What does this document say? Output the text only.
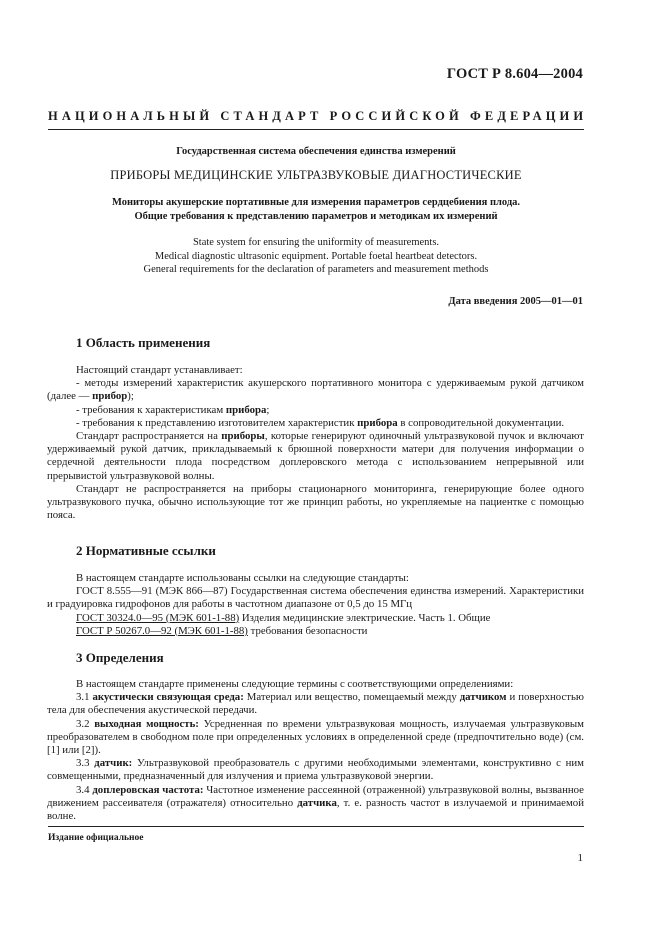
ГОСТ Р 8.604—2004
НАЦИОНАЛЬНЫЙ СТАНДАРТ РОССИЙСКОЙ ФЕДЕРАЦИИ
Государственная система обеспечения единства измерений
ПРИБОРЫ МЕДИЦИНСКИЕ УЛЬТРАЗВУКОВЫЕ ДИАГНОСТИЧЕСКИЕ
Мониторы акушерские портативные для измерения параметров сердцебиения плода.
Общие требования к представлению параметров и методикам их измерений
State system for ensuring the uniformity of measurements.
Medical diagnostic ultrasonic equipment. Portable foetal heartbeat detectors.
General requirements for the declaration of parameters and measurement methods
Дата введения 2005—01—01
1 Область применения

Настоящий стандарт устанавливает:

- методы измерений характеристик акушерского портативного монитора с удерживаемым рукой датчиком (далее — прибор);

- требования к характеристикам прибора;

- требования к представлению изготовителем характеристик прибора в сопроводительной документации.

Стандарт распространяется на приборы, которые генерируют одиночный ультразвуковой пучок и включают удерживаемый рукой датчик, прикладываемый к брюшной поверхности матери для получения информации о сердечной деятельности плода посредством доплеровского метода с использованием непрерывной или прерывистой ультразвуковой волны.

Стандарт не распространяется на приборы стационарного мониторинга, генерирующие более одного ультразвукового пучка, обычно использующие тот же принцип работы, но укрепляемые на пациентке с помощью пояса.

2 Нормативные ссылки

В настоящем стандарте использованы ссылки на следующие стандарты:

ГОСТ 8.555—91 (МЭК 866—87) Государственная система обеспечения единства измерений. Характеристики и градуировка гидрофонов для работы в частотном диапазоне от 0,5 до 15 МГц

ГОСТ 30324.0—95 (МЭК 601-1-88) Изделия медицинские электрические. Часть 1. Общие

ГОСТ Р 50267.0—92 (МЭК 601-1-88) требования безопасности

3 Определения

В настоящем стандарте применены следующие термины с соответствующими определениями:

3.1 акустически связующая среда: Материал или вещество, помещаемый между датчиком и поверхностью тела для обеспечения акустической передачи.

3.2 выходная мощность: Усредненная по времени ультразвуковая мощность, излучаемая ультразвуковым преобразователем в свободном поле при определенных условиях в определенной среде (предпочтительно воде) (см. [1] или [2]).

3.3 датчик: Ультразвуковой преобразователь с другими необходимыми элементами, конструктивно с ним совмещенными, предназначенный для излучения и приема ультразвуковой энергии.

3.4 доплеровская частота: Частотное изменение рассеянной (отраженной) ультразвуковой волны, вызванное движением рассеивателя (отражателя) относительно датчика, т. е. разность частот в излучаемой и принимаемой волне.

Издание официальное
1
